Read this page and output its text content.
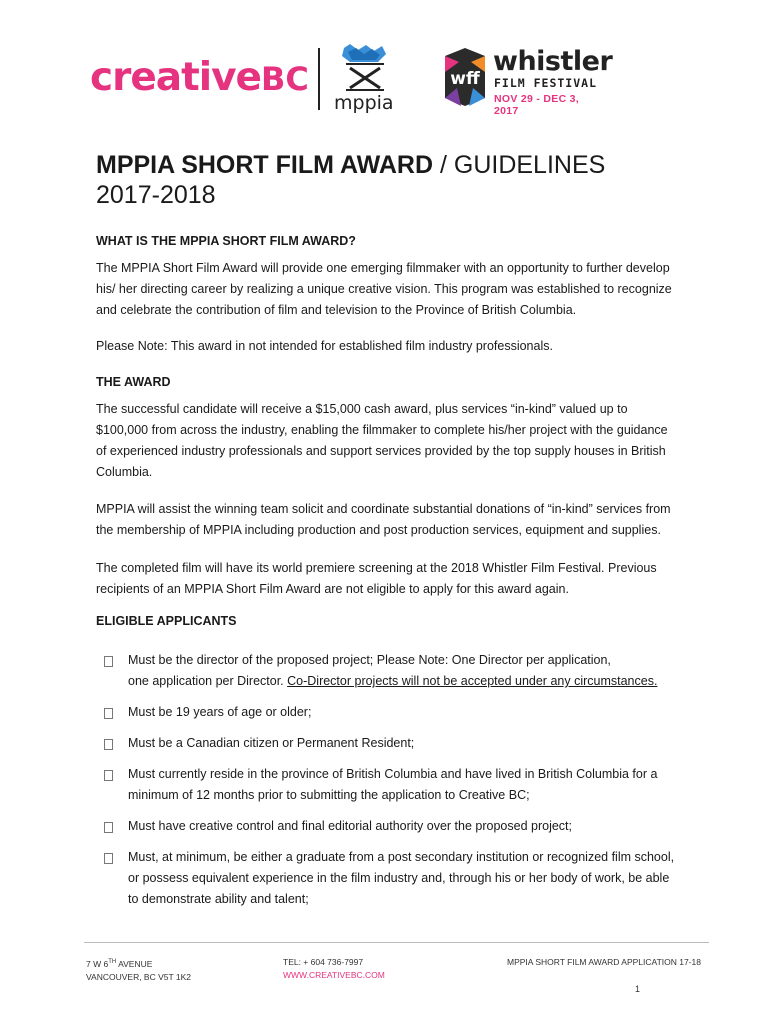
creativeBC
mppia
wff
whistler
FILM FESTIVAL
NOV 29 - DEC 3, 2017
MPPIA SHORT FILM AWARD / GUIDELINES
2017-2018
WHAT IS THE MPPIA SHORT FILM AWARD?

The MPPIA Short Film Award will provide one emerging filmmaker with an opportunity to further develop
his/ her directing career by realizing a unique creative vision. This program was established to recognize
and celebrate the contribution of film and television to the Province of British Columbia.

Please Note: This award in not intended for established film industry professionals.

THE AWARD

The successful candidate will receive a $15,000 cash award, plus services “in-kind” valued up to
$100,000 from across the industry, enabling the filmmaker to complete his/her project with the guidance
of experienced industry professionals and support services provided by the top supply houses in British
Columbia.

MPPIA will assist the winning team solicit and coordinate substantial donations of “in-kind” services from
the membership of MPPIA including production and post production services, equipment and supplies.

The completed film will have its world premiere screening at the 2018 Whistler Film Festival. Previous
recipients of an MPPIA Short Film Award are not eligible to apply for this award again.

ELIGIBLE APPLICANTS
Must be the director of the proposed project; Please Note: One Director per application,
one application per Director. Co-Director projects will not be accepted under any circumstances.
Must be 19 years of age or older;
Must be a Canadian citizen or Permanent Resident;
Must currently reside in the province of British Columbia and have lived in British Columbia for a
minimum of 12 months prior to submitting the application to Creative BC;
Must have creative control and final editorial authority over the proposed project;
Must, at minimum, be either a graduate from a post secondary institution or recognized film school,
or possess equivalent experience in the film industry and, through his or her body of work, be able
to demonstrate ability and talent;
7 W 6TH AVENUE
VANCOUVER, BC V5T 1K2
TEL: + 604 736-7997
WWW.CREATIVEBC.COM
MPPIA SHORT FILM AWARD APPLICATION 17-18
1
